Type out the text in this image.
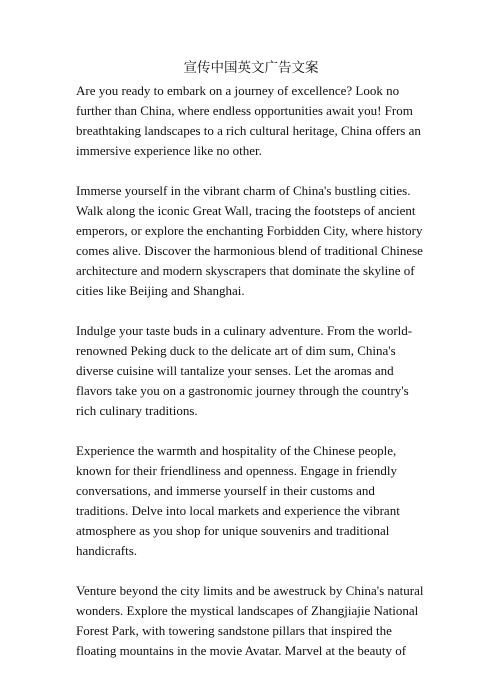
宣传中国英文广告文案

Are you ready to embark on a journey of excellence? Look no further than China, where endless opportunities await you! From breathtaking landscapes to a rich cultural heritage, China offers an immersive experience like no other.

Immerse yourself in the vibrant charm of China's bustling cities. Walk along the iconic Great Wall, tracing the footsteps of ancient emperors, or explore the enchanting Forbidden City, where history comes alive. Discover the harmonious blend of traditional Chinese architecture and modern skyscrapers that dominate the skyline of cities like Beijing and Shanghai.

Indulge your taste buds in a culinary adventure. From the world-renowned Peking duck to the delicate art of dim sum, China's diverse cuisine will tantalize your senses. Let the aromas and flavors take you on a gastronomic journey through the country's rich culinary traditions.

Experience the warmth and hospitality of the Chinese people, known for their friendliness and openness. Engage in friendly conversations, and immerse yourself in their customs and traditions. Delve into local markets and experience the vibrant atmosphere as you shop for unique souvenirs and traditional handicrafts.

Venture beyond the city limits and be awestruck by China's natural wonders. Explore the mystical landscapes of Zhangjiajie National Forest Park, with towering sandstone pillars that inspired the floating mountains in the movie Avatar. Marvel at the beauty of
